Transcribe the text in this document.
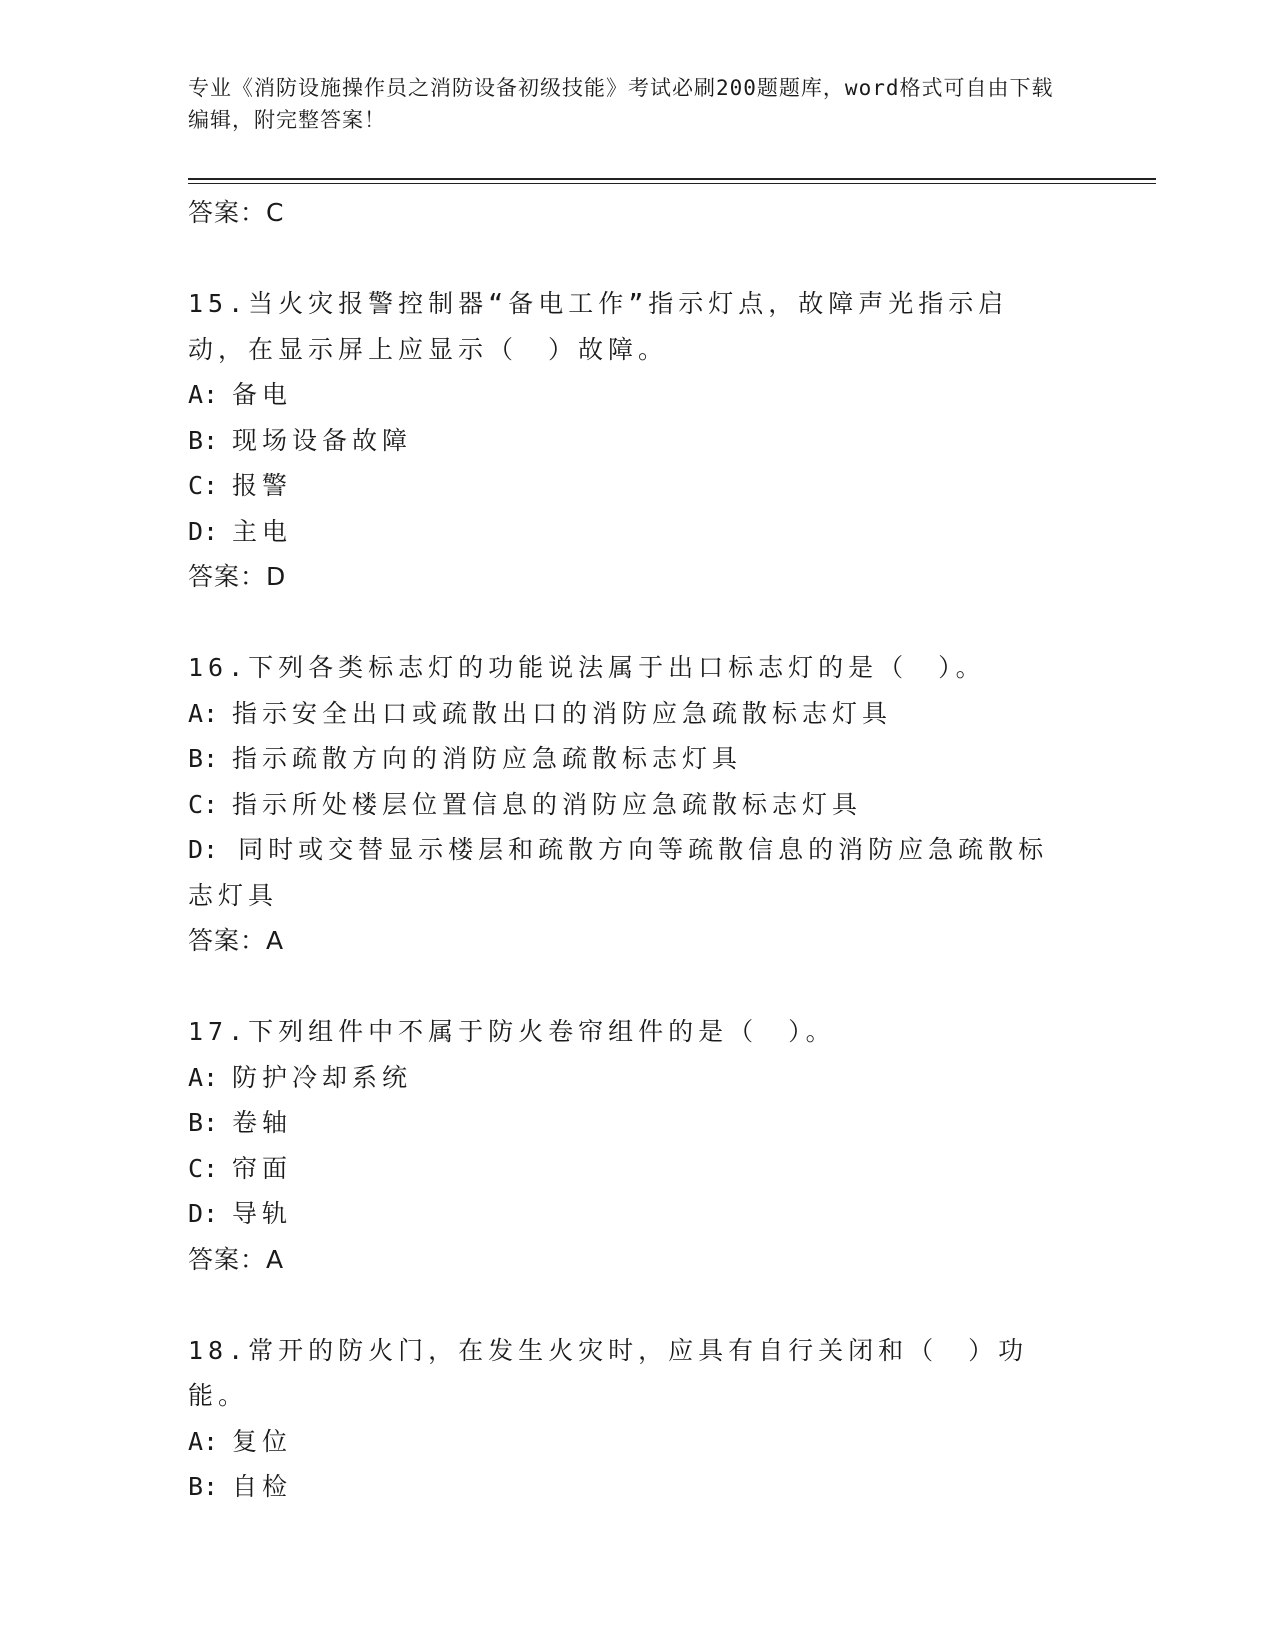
专业《消防设施操作员之消防设备初级技能》考试必刷200题题库，word格式可自由下载编辑，附完整答案！
答案：C
15.当火灾报警控制器“备电工作”指示灯点，故障声光指示启动，在显示屏上应显示（　）故障。
A: 备电
B: 现场设备故障
C: 报警
D: 主电
答案：D
16.下列各类标志灯的功能说法属于出口标志灯的是（　）。
A: 指示安全出口或疏散出口的消防应急疏散标志灯具
B: 指示疏散方向的消防应急疏散标志灯具
C: 指示所处楼层位置信息的消防应急疏散标志灯具
D: 同时或交替显示楼层和疏散方向等疏散信息的消防应急疏散标志灯具
答案：A
17.下列组件中不属于防火卷帘组件的是（　）。
A: 防护冷却系统
B: 卷轴
C: 帘面
D: 导轨
答案：A
18.常开的防火门，在发生火灾时，应具有自行关闭和（　）功能。
A: 复位
B: 自检
